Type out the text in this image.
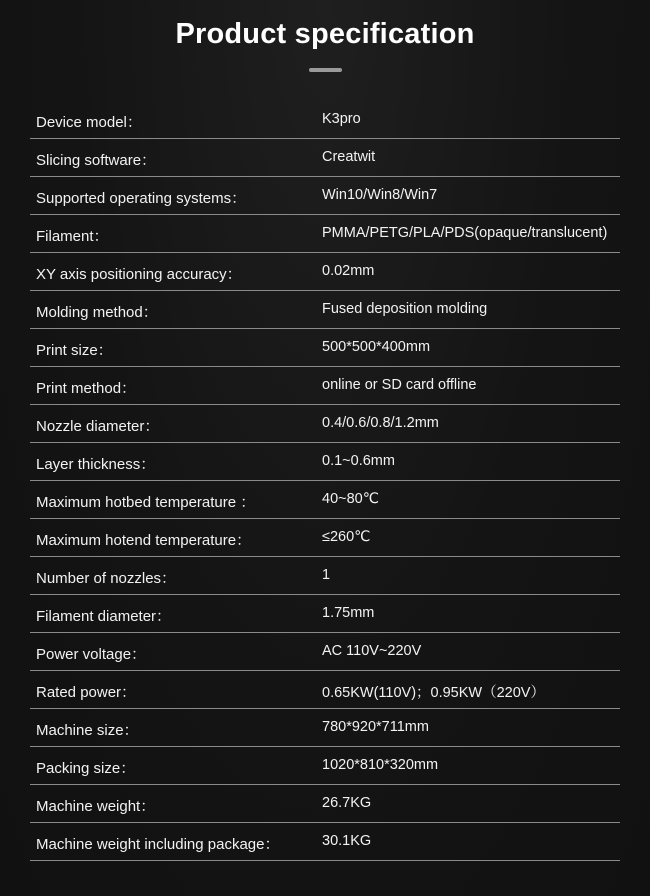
Product specification
Device model：	K3pro
Slicing software：	Creatwit
Supported operating systems：	Win10/Win8/Win7
Filament：	PMMA/PETG/PLA/PDS(opaque/translucent)
XY axis positioning accuracy：	0.02mm
Molding method：	Fused deposition molding
Print size：	500*500*400mm
Print method：	online or SD card offline
Nozzle diameter：	0.4/0.6/0.8/1.2mm
Layer thickness：	0.1~0.6mm
Maximum hotbed temperature ：	40~80℃
Maximum hotend temperature：	≤260℃
Number of nozzles：	1
Filament diameter：	1.75mm
Power voltage：	AC 110V~220V
Rated power：	0.65KW(110V)；0.95KW（220V）
Machine size：	780*920*711mm
Packing size：	1020*810*320mm
Machine weight：	26.7KG
Machine weight including package：	30.1KG
